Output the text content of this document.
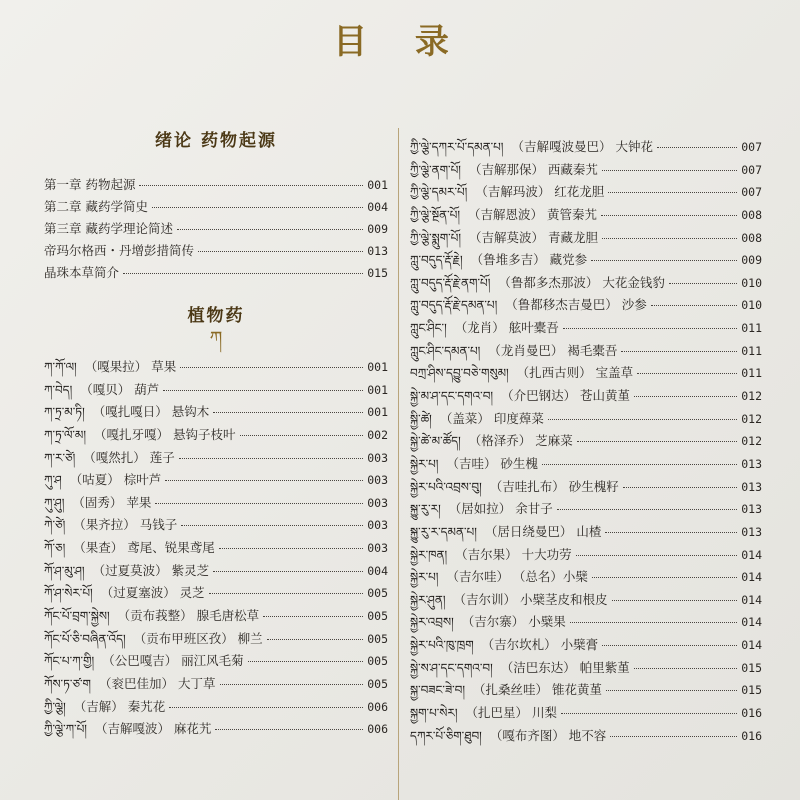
目 录
绪论 药物起源
第一章 药物起源	001
第二章 藏药学简史	004
第三章 藏药学理论简述	009
帝玛尔格西・丹增彭措简传	013
晶珠本草简介	015
植物药
ཀ
ཀ་ཀོ་ལ། （嘎果拉） 草果	001
ཀ་བེད། （嘎贝） 葫芦	001
ཀ་ཏྲ་མ་ཏི། （嘎扎嘎日） 悬钩木	001
ཀ་ཏྲ་ལོ་མ། （嘎扎牙嘎） 悬钩子枝叶	002
ཀ་ར་ཙེ། （嘎然扎） 莲子	003
ཀུ་ཤ （咕夏） 棕叶芦	003
ཀུ་ཤུ། （固秀） 苹果	003
ཀེ་ཙེ། （果齐拉） 马钱子	003
ཀོ་ཅ། （果查） 鸢尾、锐果鸢尾	003
ཀོ་ཤ་མུ་ཤ། （过夏莫波） 紫灵芝	004
ཀོ་ཤ་སེར་པོ། （过夏塞波） 灵芝	005
ཀོང་པོ་བྲག་སྐྱེས། （贡布莪整） 腺毛唐松草	005
ཀོང་པོ་ཅི་བཞིན་འོད། （贡布甲班区孜） 柳兰	005
ཀོང་པ་ཀ་གྱི། （公巴嘎吉） 丽江风毛菊	005
ཀོས་ཏ་ཙ་ག （衮巴佳加） 大丁草	005
ཀྱི་ལྕེ། （吉解） 秦艽花	006
ཀྱི་ལྕེ་ཀ་པོ། （吉解嘎波） 麻花艽	006
ཀྱི་ལྕེ་དཀར་པོ་དམན་པ། （吉解嘎波曼巴） 大钟花	007
ཀྱི་ལྕེ་ནག་པོ། （吉解那保） 西藏秦艽	007
ཀྱི་ལྕེ་དམར་པོ། （吉解玛波） 红花龙胆	007
ཀྱི་ལྕེ་སྔོན་པོ། （吉解恩波） 黄管秦艽	008
ཀྱི་ལྕེ་སྨུག་པོ། （吉解莫波） 青藏龙胆	008
ཀླུ་བདུད་རྡོ་རྗེ། （鲁堆多吉） 藏党参	009
ཀླུ་བདུད་རྡོ་རྗེ་ནག་པོ། （鲁都多杰那波） 大花金钱豹	010
ཀླུ་བདུད་རྡོ་རྗེ་དམན་པ། （鲁都移杰吉曼巴） 沙参	010
ཀླུང་ཤིང་། （龙肖） 舷叶橐吾	011
ཀླུང་ཤིང་དམན་པ། （龙肖曼巴） 褐毛橐吾	011
བཀྲ་ཤིས་དབྱུ་བཅེ་གསུམ། （扎西古则） 宝盖草	011
སྐྱེ་མ་ཤ་དང་དགའ་བ། （介巴钢达） 苍山黄堇	012
སྐྱི་ཚེ། （盖菜） 印度蔊菜	012
སྐྱེ་ཚེ་མ་ཚོད། （格泽乔） 芝麻菜	012
སྐྱེར་པ། （吉哇） 砂生槐	013
སྐྱེར་པའི་འབྲས་བུ། （吉哇扎布） 砂生槐籽	013
སྐྱུ་རུ་ར། （居如拉） 余甘子	013
སྐྱུ་རུ་ར་དམན་པ། （居日绕曼巴） 山楂	013
སྐྱེར་ཁན། （吉尔果） 十大功劳	014
སྐྱེར་པ། （吉尔哇） （总名）小檗	014
སྐྱེར་ཤུན། （吉尔训） 小檗茎皮和根皮	014
སྐྱེར་འབྲས། （吉尔寨） 小檗果	014
སྐྱེར་པའི་ཁུ་ཁྲག （吉尔坎札） 小檗膏	014
སྐྱེ་ས་ཤ་དང་དགའ་བ། （洁巴东达） 帕里紫堇	015
སྐྱ་བཟང་ཟེ་བ། （扎桑丝哇） 锥花黄堇	015
སྐྱག་པ་སེར། （扎巴星） 川梨	016
དཀར་པོ་ཅིག་ཐུབ། （嘎布齐图） 地不容	016
